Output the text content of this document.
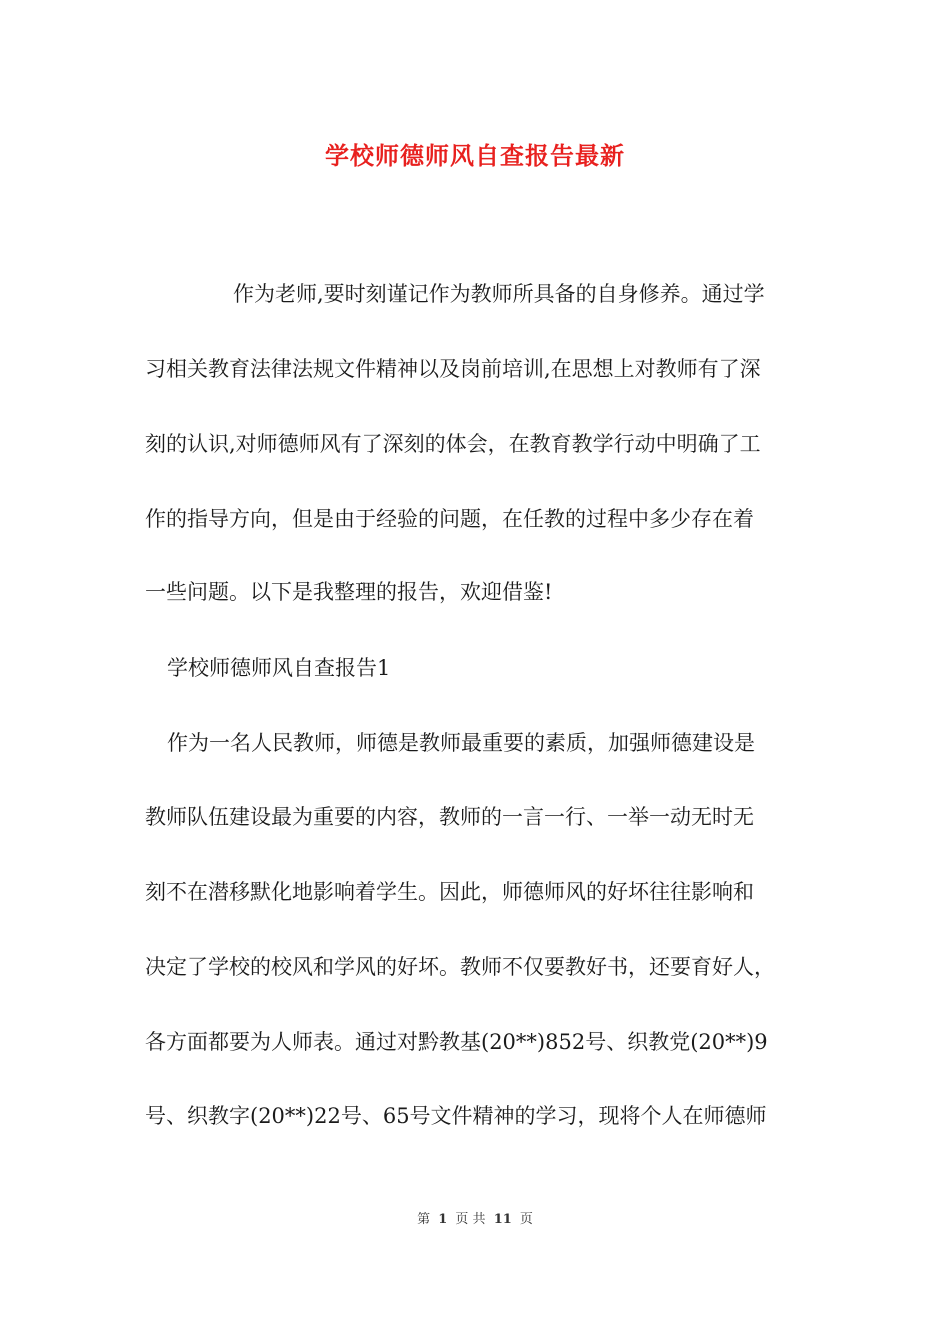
学校师德师风自查报告最新
作为老师,要时刻谨记作为教师所具备的自身修养。通过学
习相关教育法律法规文件精神以及岗前培训,在思想上对教师有了深
刻的认识,对师德师风有了深刻的体会，在教育教学行动中明确了工
作的指导方向，但是由于经验的问题，在任教的过程中多少存在着
一些问题。以下是我整理的报告，欢迎借鉴!
学校师德师风自查报告1
作为一名人民教师，师德是教师最重要的素质，加强师德建设是
教师队伍建设最为重要的内容，教师的一言一行、一举一动无时无
刻不在潜移默化地影响着学生。因此，师德师风的好坏往往影响和
决定了学校的校风和学风的好坏。教师不仅要教好书，还要育好人，
各方面都要为人师表。通过对黔教基(20**)852号、织教党(20**)9
号、织教字(20**)22号、65号文件精神的学习，现将个人在师德师
第 1 页 共 11 页
